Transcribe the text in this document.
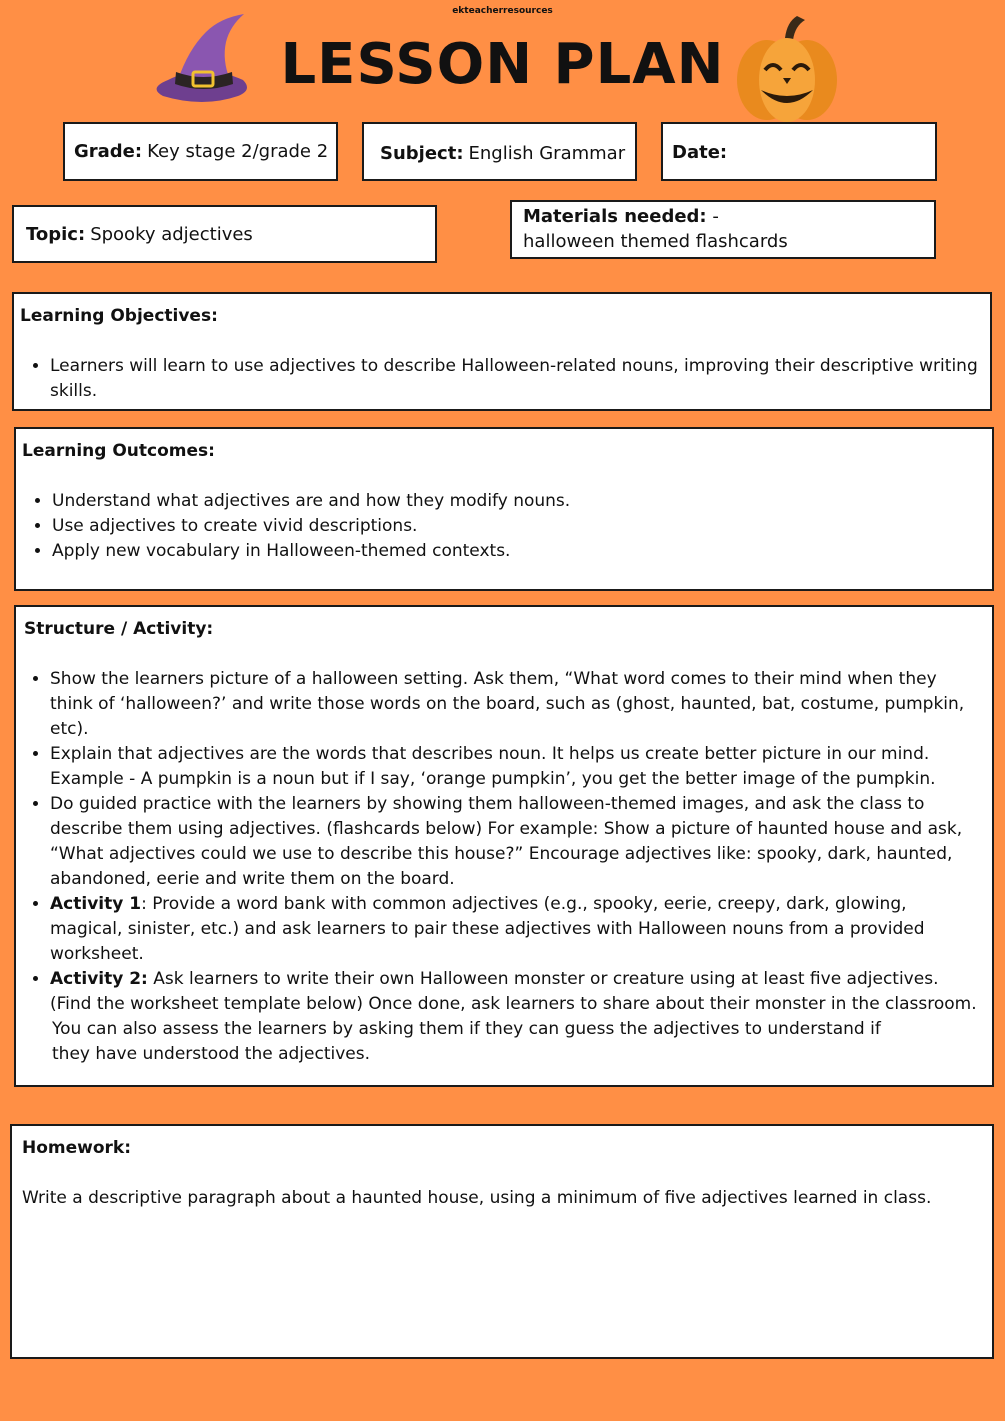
ekteacherresources
LESSON PLAN
Grade: Key stage 2/grade 2	Subject: English Grammar	Date:
Topic: Spooky adjectives
Materials needed: -
halloween themed flashcards
Learning Objectives:
• Learners will learn to use adjectives to describe Halloween-related nouns, improving their descriptive writing skills.
Learning Outcomes:
• Understand what adjectives are and how they modify nouns.
• Use adjectives to create vivid descriptions.
• Apply new vocabulary in Halloween-themed contexts.
Structure / Activity:
• Show the learners picture of a halloween setting. Ask them, “What word comes to their mind when they think of ‘halloween?’ and write those words on the board, such as (ghost, haunted, bat, costume, pumpkin, etc).
• Explain that adjectives are the words that describes noun. It helps us create better picture in our mind. Example - A pumpkin is a noun but if I say, ‘orange pumpkin’, you get the better image of the pumpkin.
• Do guided practice with the learners by showing them halloween-themed images, and ask the class to describe them using adjectives. (flashcards below) For example: Show a picture of haunted house and ask, “What adjectives could we use to describe this house?” Encourage adjectives like: spooky, dark, haunted, abandoned, eerie and write them on the board.
• Activity 1: Provide a word bank with common adjectives (e.g., spooky, eerie, creepy, dark, glowing, magical, sinister, etc.) and ask learners to pair these adjectives with Halloween nouns from a provided worksheet.
• Activity 2: Ask learners to write their own Halloween monster or creature using at least five adjectives. (Find the worksheet template below) Once done, ask learners to share about their monster in the classroom.
You can also assess the learners by asking them if they can guess the adjectives to understand if they have understood the adjectives.
Homework:
Write a descriptive paragraph about a haunted house, using a minimum of five adjectives learned in class.
